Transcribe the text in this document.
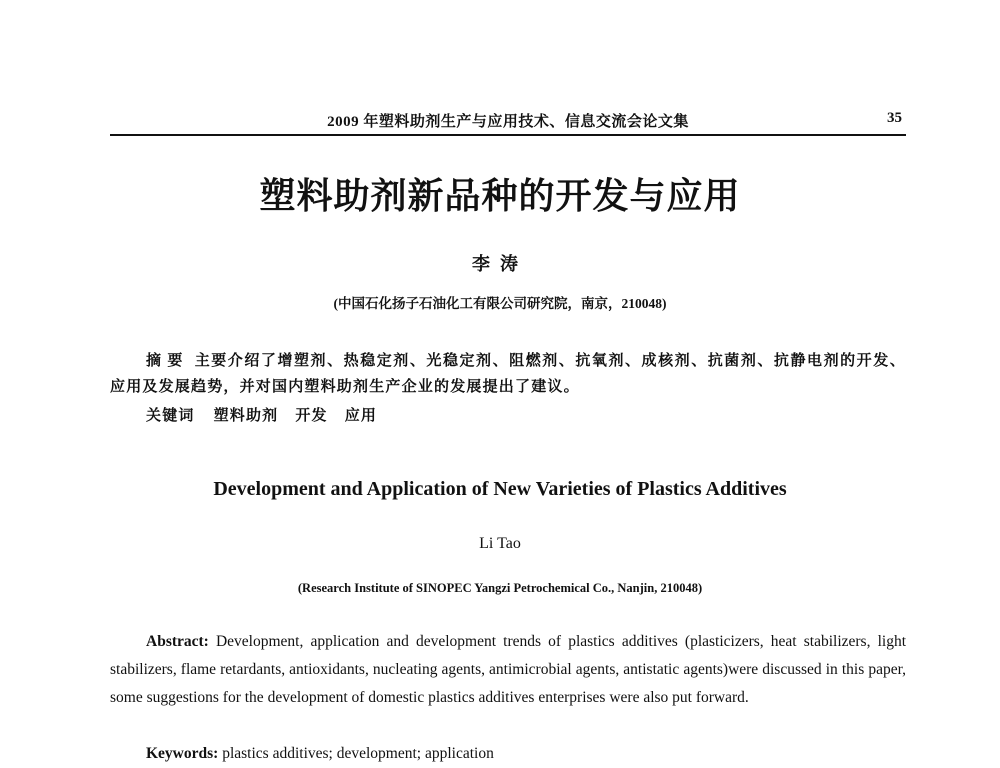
2009 年塑料助剂生产与应用技术、信息交流会论文集	35
塑料助剂新品种的开发与应用
李涛
(中国石化扬子石油化工有限公司研究院，南京，210048)
摘要 主要介绍了增塑剂、热稳定剂、光稳定剂、阻燃剂、抗氧剂、成核剂、抗菌剂、抗静电剂的开发、应用及发展趋势，并对国内塑料助剂生产企业的发展提出了建议。
关键词 塑料助剂 开发 应用
Development and Application of New Varieties of Plastics Additives
Li Tao
(Research Institute of SINOPEC Yangzi Petrochemical Co., Nanjin, 210048)
Abstract: Development, application and development trends of plastics additives (plasticizers, heat stabilizers, light stabilizers, flame retardants, antioxidants, nucleating agents, antimicrobial agents, antistatic agents)were discussed in this paper, some suggestions for the development of domestic plastics additives enterprises were also put forward.
Keywords: plastics additives; development; application
